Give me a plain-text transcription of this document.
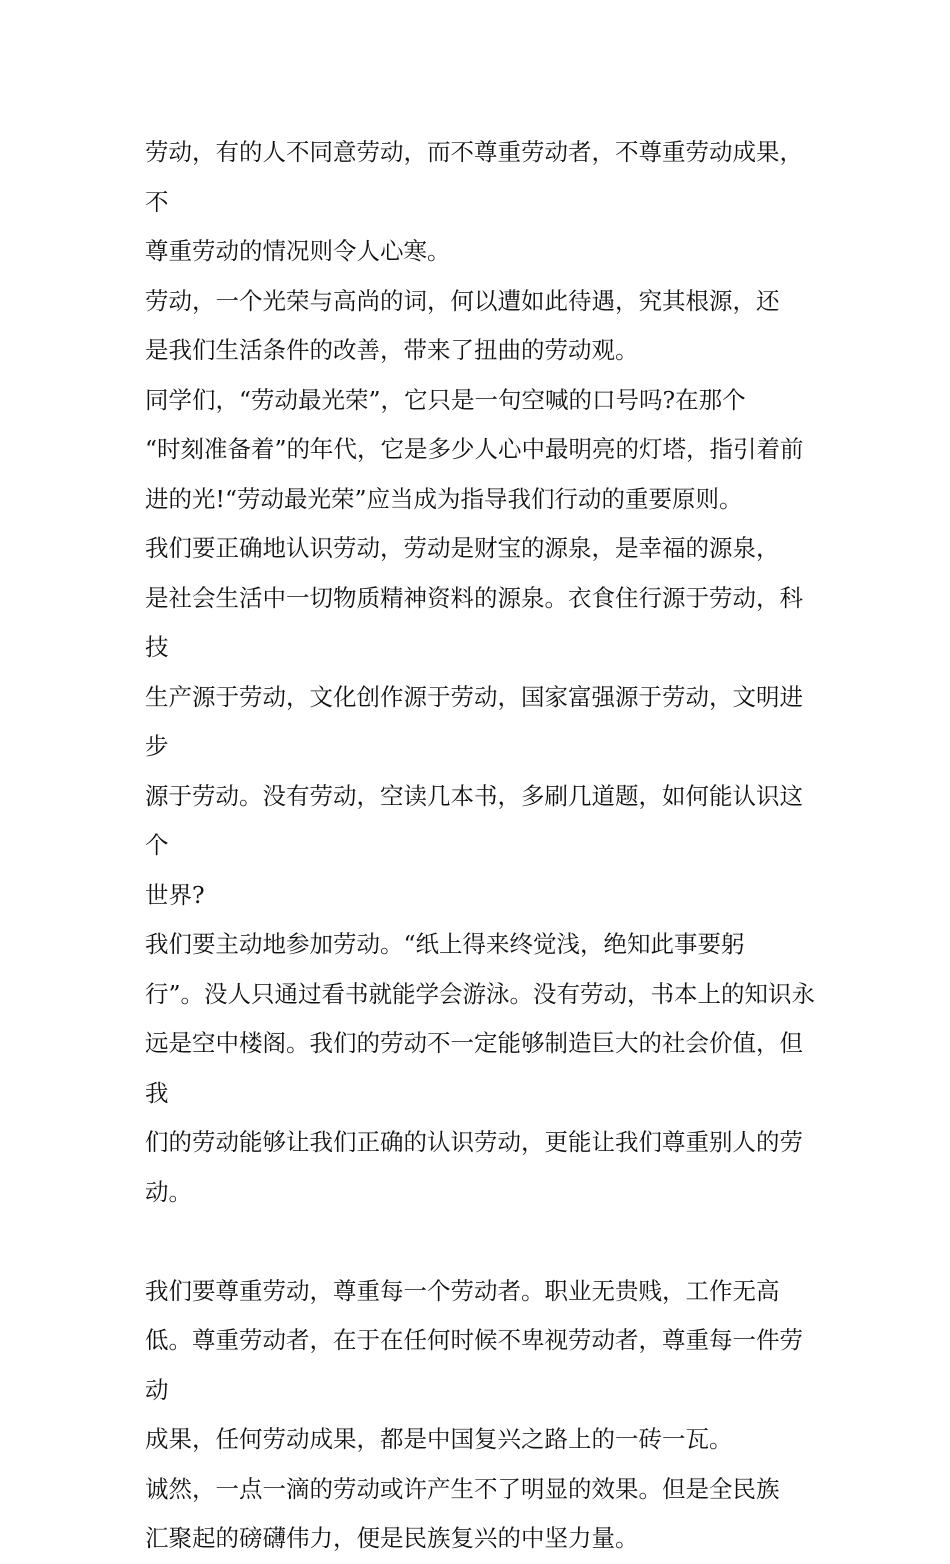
劳动，有的人不同意劳动，而不尊重劳动者，不尊重劳动成果，不
尊重劳动的情况则令人心寒。

劳动，一个光荣与高尚的词，何以遭如此待遇，究其根源，还
是我们生活条件的改善，带来了扭曲的劳动观。

同学们，“劳动最光荣”，它只是一句空喊的口号吗?在那个
“时刻准备着”的年代，它是多少人心中最明亮的灯塔，指引着前
进的光!“劳动最光荣”应当成为指导我们行动的重要原则。

我们要正确地认识劳动，劳动是财宝的源泉，是幸福的源泉，
是社会生活中一切物质精神资料的源泉。衣食住行源于劳动，科技
生产源于劳动，文化创作源于劳动，国家富强源于劳动，文明进步
源于劳动。没有劳动，空读几本书，多刷几道题，如何能认识这个
世界?

我们要主动地参加劳动。“纸上得来终觉浅，绝知此事要躬
行”。没人只通过看书就能学会游泳。没有劳动，书本上的知识永
远是空中楼阁。我们的劳动不一定能够制造巨大的社会价值，但我
们的劳动能够让我们正确的认识劳动，更能让我们尊重别人的劳动。

我们要尊重劳动，尊重每一个劳动者。职业无贵贱，工作无高
低。尊重劳动者，在于在任何时候不卑视劳动者，尊重每一件劳动
成果，任何劳动成果，都是中国复兴之路上的一砖一瓦。

诚然，一点一滴的劳动或许产生不了明显的效果。但是全民族
汇聚起的磅礴伟力，便是民族复兴的中坚力量。
